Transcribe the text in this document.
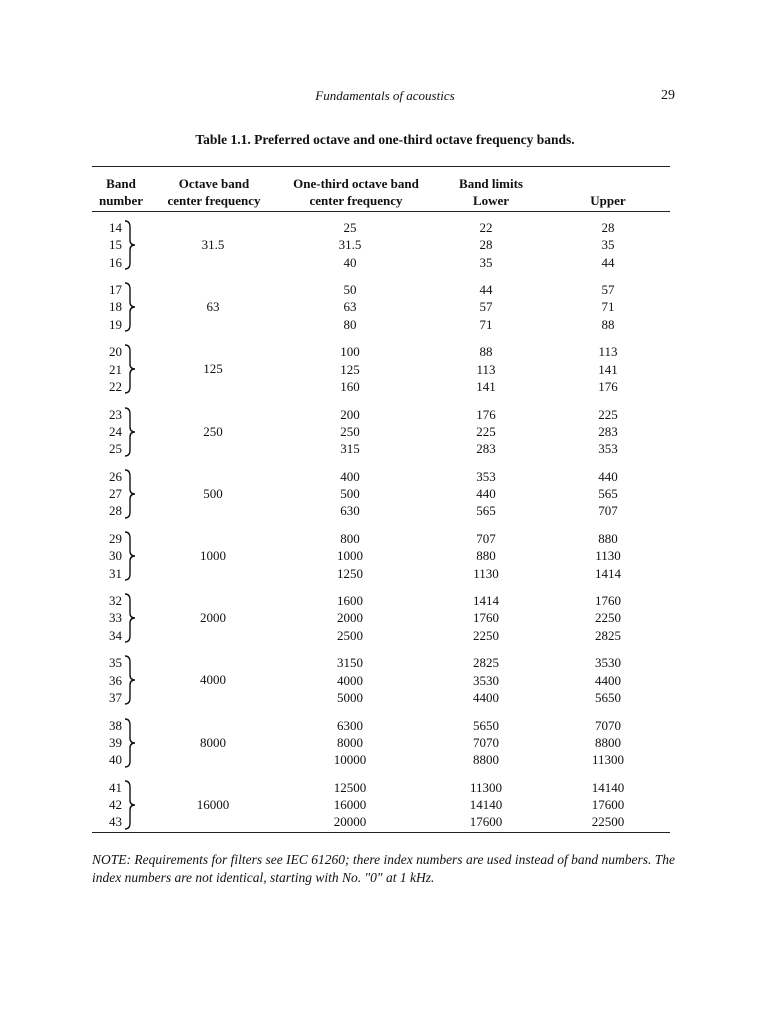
Fundamentals of acoustics	29
Table 1.1. Preferred octave and one-third octave frequency bands.
Band
number
Octave band
center frequency
One-third octave band
center frequency
Band limits
Lower	Upper
14
15
16
25
31.5
40
22
28
35
28
35
44
31.5
17
18
19
50
63
80
44
57
71
57
71
88
63
20
21
22
100
125
160
88
113
141
113
141
176
125
23
24
25
200
250
315
176
225
283
225
283
353
250
26
27
28
400
500
630
353
440
565
440
565
707
500
29
30
31
800
1000
1250
707
880
1130
880
1130
1414
1000
32
33
34
1600
2000
2500
1414
1760
2250
1760
2250
2825
2000
35
36
37
3150
4000
5000
2825
3530
4400
3530
4400
5650
4000
38
39
40
6300
8000
10000
5650
7070
8800
7070
8800
11300
8000
41
42
43
12500
16000
20000
11300
14140
17600
14140
17600
22500
16000
NOTE: Requirements for filters see IEC 61260; there index numbers are used instead of band numbers. The index numbers are not identical, starting with No. "0" at 1 kHz.
